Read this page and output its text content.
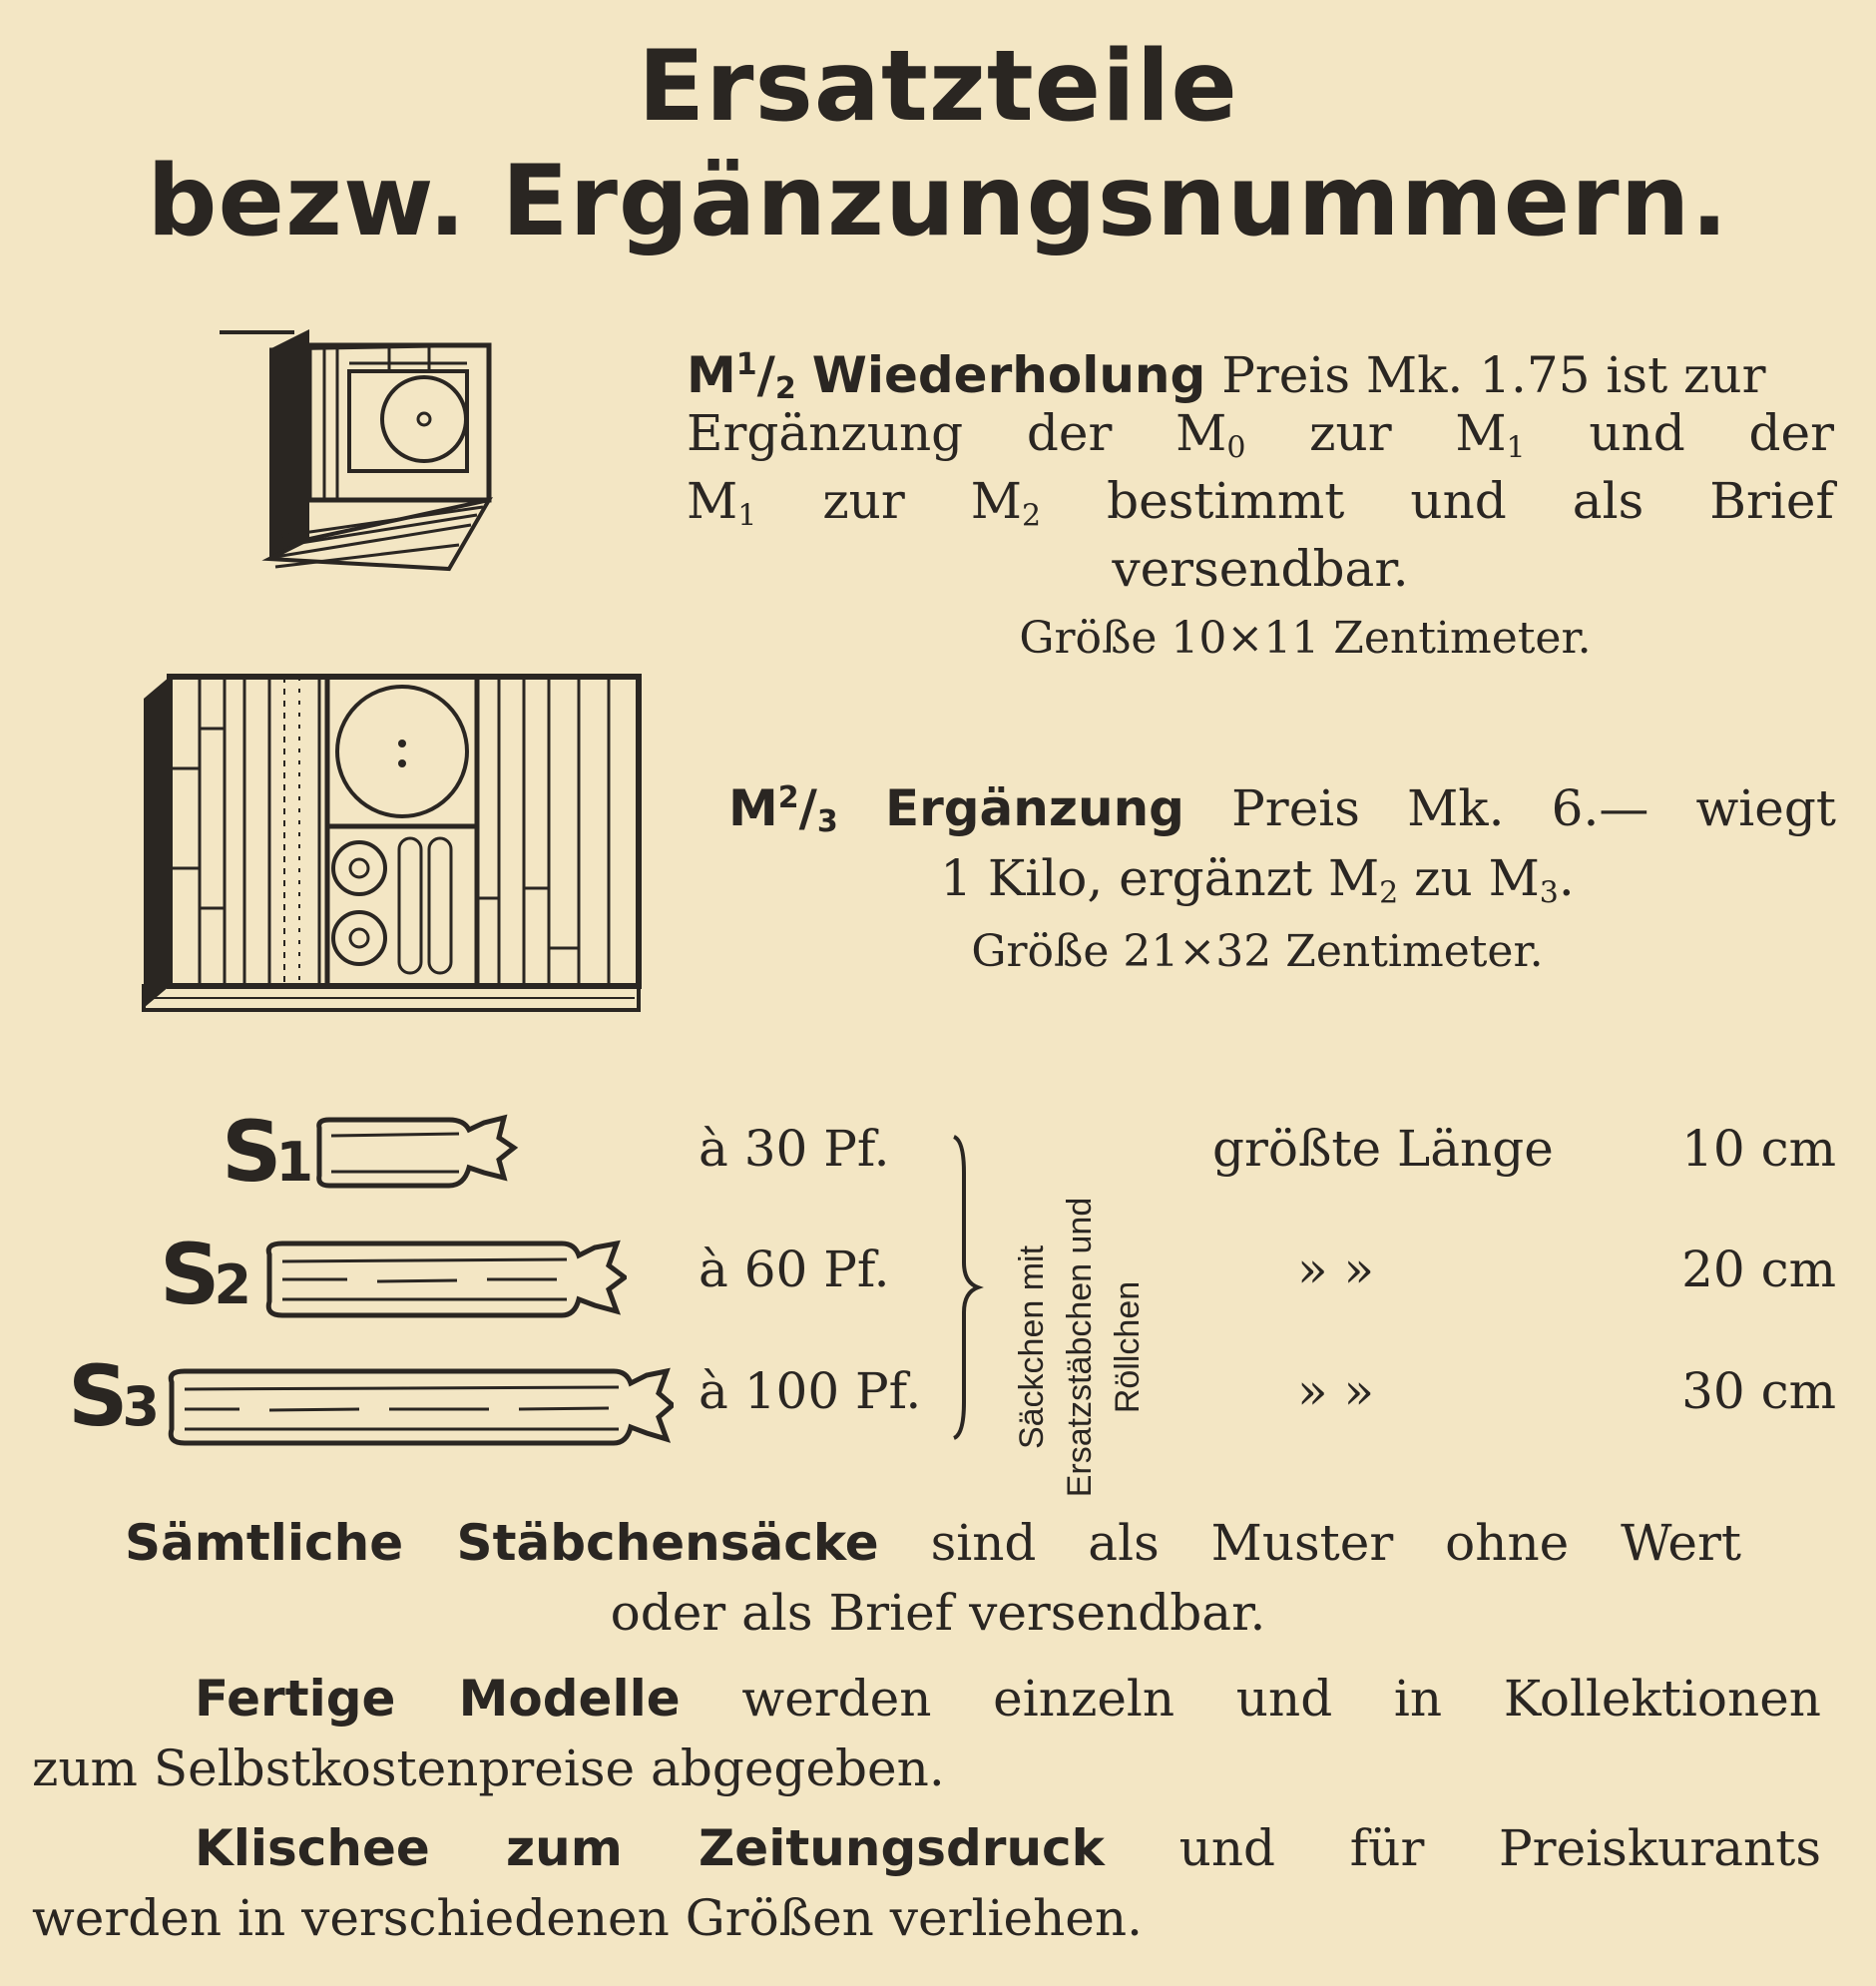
Ersatzteile
bezw. Ergänzungsnummern.
$M^1/_2$ Wiederholung Preis Mk. 1.75 ist zur
Ergänzung der $M_0$ zur $M_1$ und der
$M_1$ zur $M_2$ bestimmt und als Brief
versendbar.
Größe 10×11 Zentimeter.
$M^2/_3$ Ergänzung Preis Mk. 6.— wiegt
1 Kilo, ergänzt $M_2$ zu $M_3$.
Größe 21×32 Zentimeter.
S1
S2
S3
à 30 Pf.
à 60 Pf.
à 100 Pf.	Säckchen mit Ersatzstäbchen und Röllchen
größte Länge
» »
» »
10 cm
20 cm
30 cm
Sämtliche Stäbchensäcke sind als Muster ohne Wert
oder als Brief versendbar.
Fertige Modelle werden einzeln und in Kollektionen
zum Selbstkostenpreise abgegeben.
Klischee zum Zeitungsdruck und für Preiskurants
werden in verschiedenen Größen verliehen.
